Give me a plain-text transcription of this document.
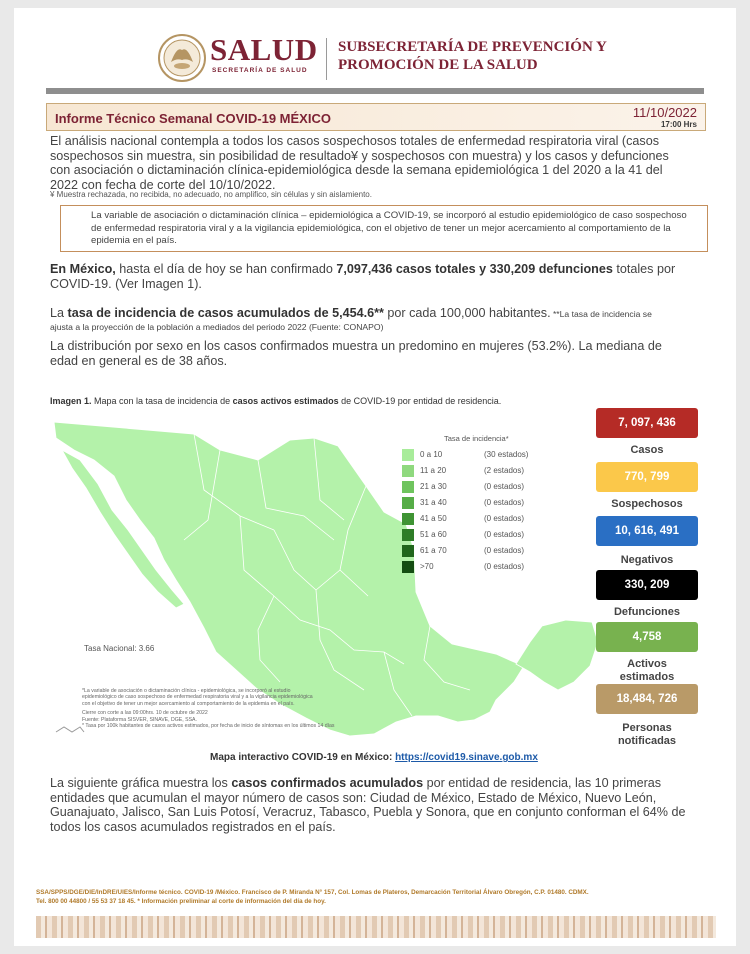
SALUD
SECRETARÍA DE SALUD
SUBSECRETARÍA DE PREVENCIÓN Y
PROMOCIÓN DE LA SALUD
Informe Técnico Semanal COVID-19 MÉXICO	11/10/2022
17:00 Hrs
El análisis nacional contempla a todos los casos sospechosos totales de enfermedad respiratoria viral (casos
sospechosos sin muestra, sin posibilidad de resultado¥ y sospechosos con muestra) y los casos y defunciones
con asociación o dictaminación clínica-epidemiológica desde la semana epidemiológica 1 del 2020 a la 41 del
2022 con fecha de corte del 10/10/2022.
¥ Muestra rechazada, no recibida, no adecuado, no amplifico, sin células y sin aislamiento.
La variable de asociación o dictaminación clínica – epidemiológica a COVID-19, se incorporó al estudio epidemiológico de caso sospechoso de enfermedad respiratoria viral y a la vigilancia epidemiológica, con el objetivo de tener un mejor acercamiento al comportamiento de la epidemia en el país.
En México, hasta el día de hoy se han confirmado 7,097,436 casos totales y 330,209 defunciones totales por
COVID-19. (Ver Imagen 1).
La tasa de incidencia de casos acumulados de 5,454.6** por cada 100,000 habitantes. **La tasa de incidencia se
ajusta a la proyección de la población a mediados del periodo 2022 (Fuente: CONAPO)
La distribución por sexo en los casos confirmados muestra un predomino en mujeres (53.2%). La mediana de
edad en general es de 38 años.
Imagen 1. Mapa con la tasa de incidencia de casos activos estimados de COVID-19 por entidad de residencia.
Tasa de incidencia*
0 a 10	(30 estados)
11 a 20	(2 estados)
21 a 30	(0 estados)
31 a 40	(0 estados)
41 a 50	(0 estados)
51 a 60	(0 estados)
61 a 70	(0 estados)
>70	(0 estados)
Tasa Nacional: 3.66
*La variable de asociación o dictaminación clínica - epidemiológica, se incorporó al estudio
epidemiológico de caso sospechoso de enfermedad respiratoria viral y a la vigilancia epidemiológica
con el objetivo de tener un mejor acercamiento al comportamiento de la epidemia en el país.
Cierre con corte a las 09:00hrs. 10 de octubre de 2022
Fuente: Plataforma SISVER, SINAVE, DGE, SSA.
* Tasa por 100k habitantes de casos activos estimados, por fecha de inicio de síntomas en los últimos 14 días
Mapa interactivo COVID-19 en México: https://covid19.sinave.gob.mx
7, 097, 436
Casos
770, 799
Sospechosos
10, 616, 491
Negativos
330, 209
Defunciones
4,758
Activos
estimados
18,484, 726
Personas
notificadas
La siguiente gráfica muestra los casos confirmados acumulados por entidad de residencia, las 10 primeras
entidades que acumulan el mayor número de casos son: Ciudad de México, Estado de México, Nuevo León,
Guanajuato, Jalisco, San Luis Potosí, Veracruz, Tabasco, Puebla y Sonora, que en conjunto conforman el 64% de
todos los casos acumulados registrados en el país.
SSA/SPPS/DGE/DIE/InDRE/UIES/Informe técnico. COVID-19 /México. Francisco de P. Miranda N° 157, Col. Lomas de Plateros, Demarcación Territorial Álvaro Obregón, C.P. 01480. CDMX.
Tel. 800 00 44800 / 55 53 37 18 45. * Información preliminar al corte de información del día de hoy.
